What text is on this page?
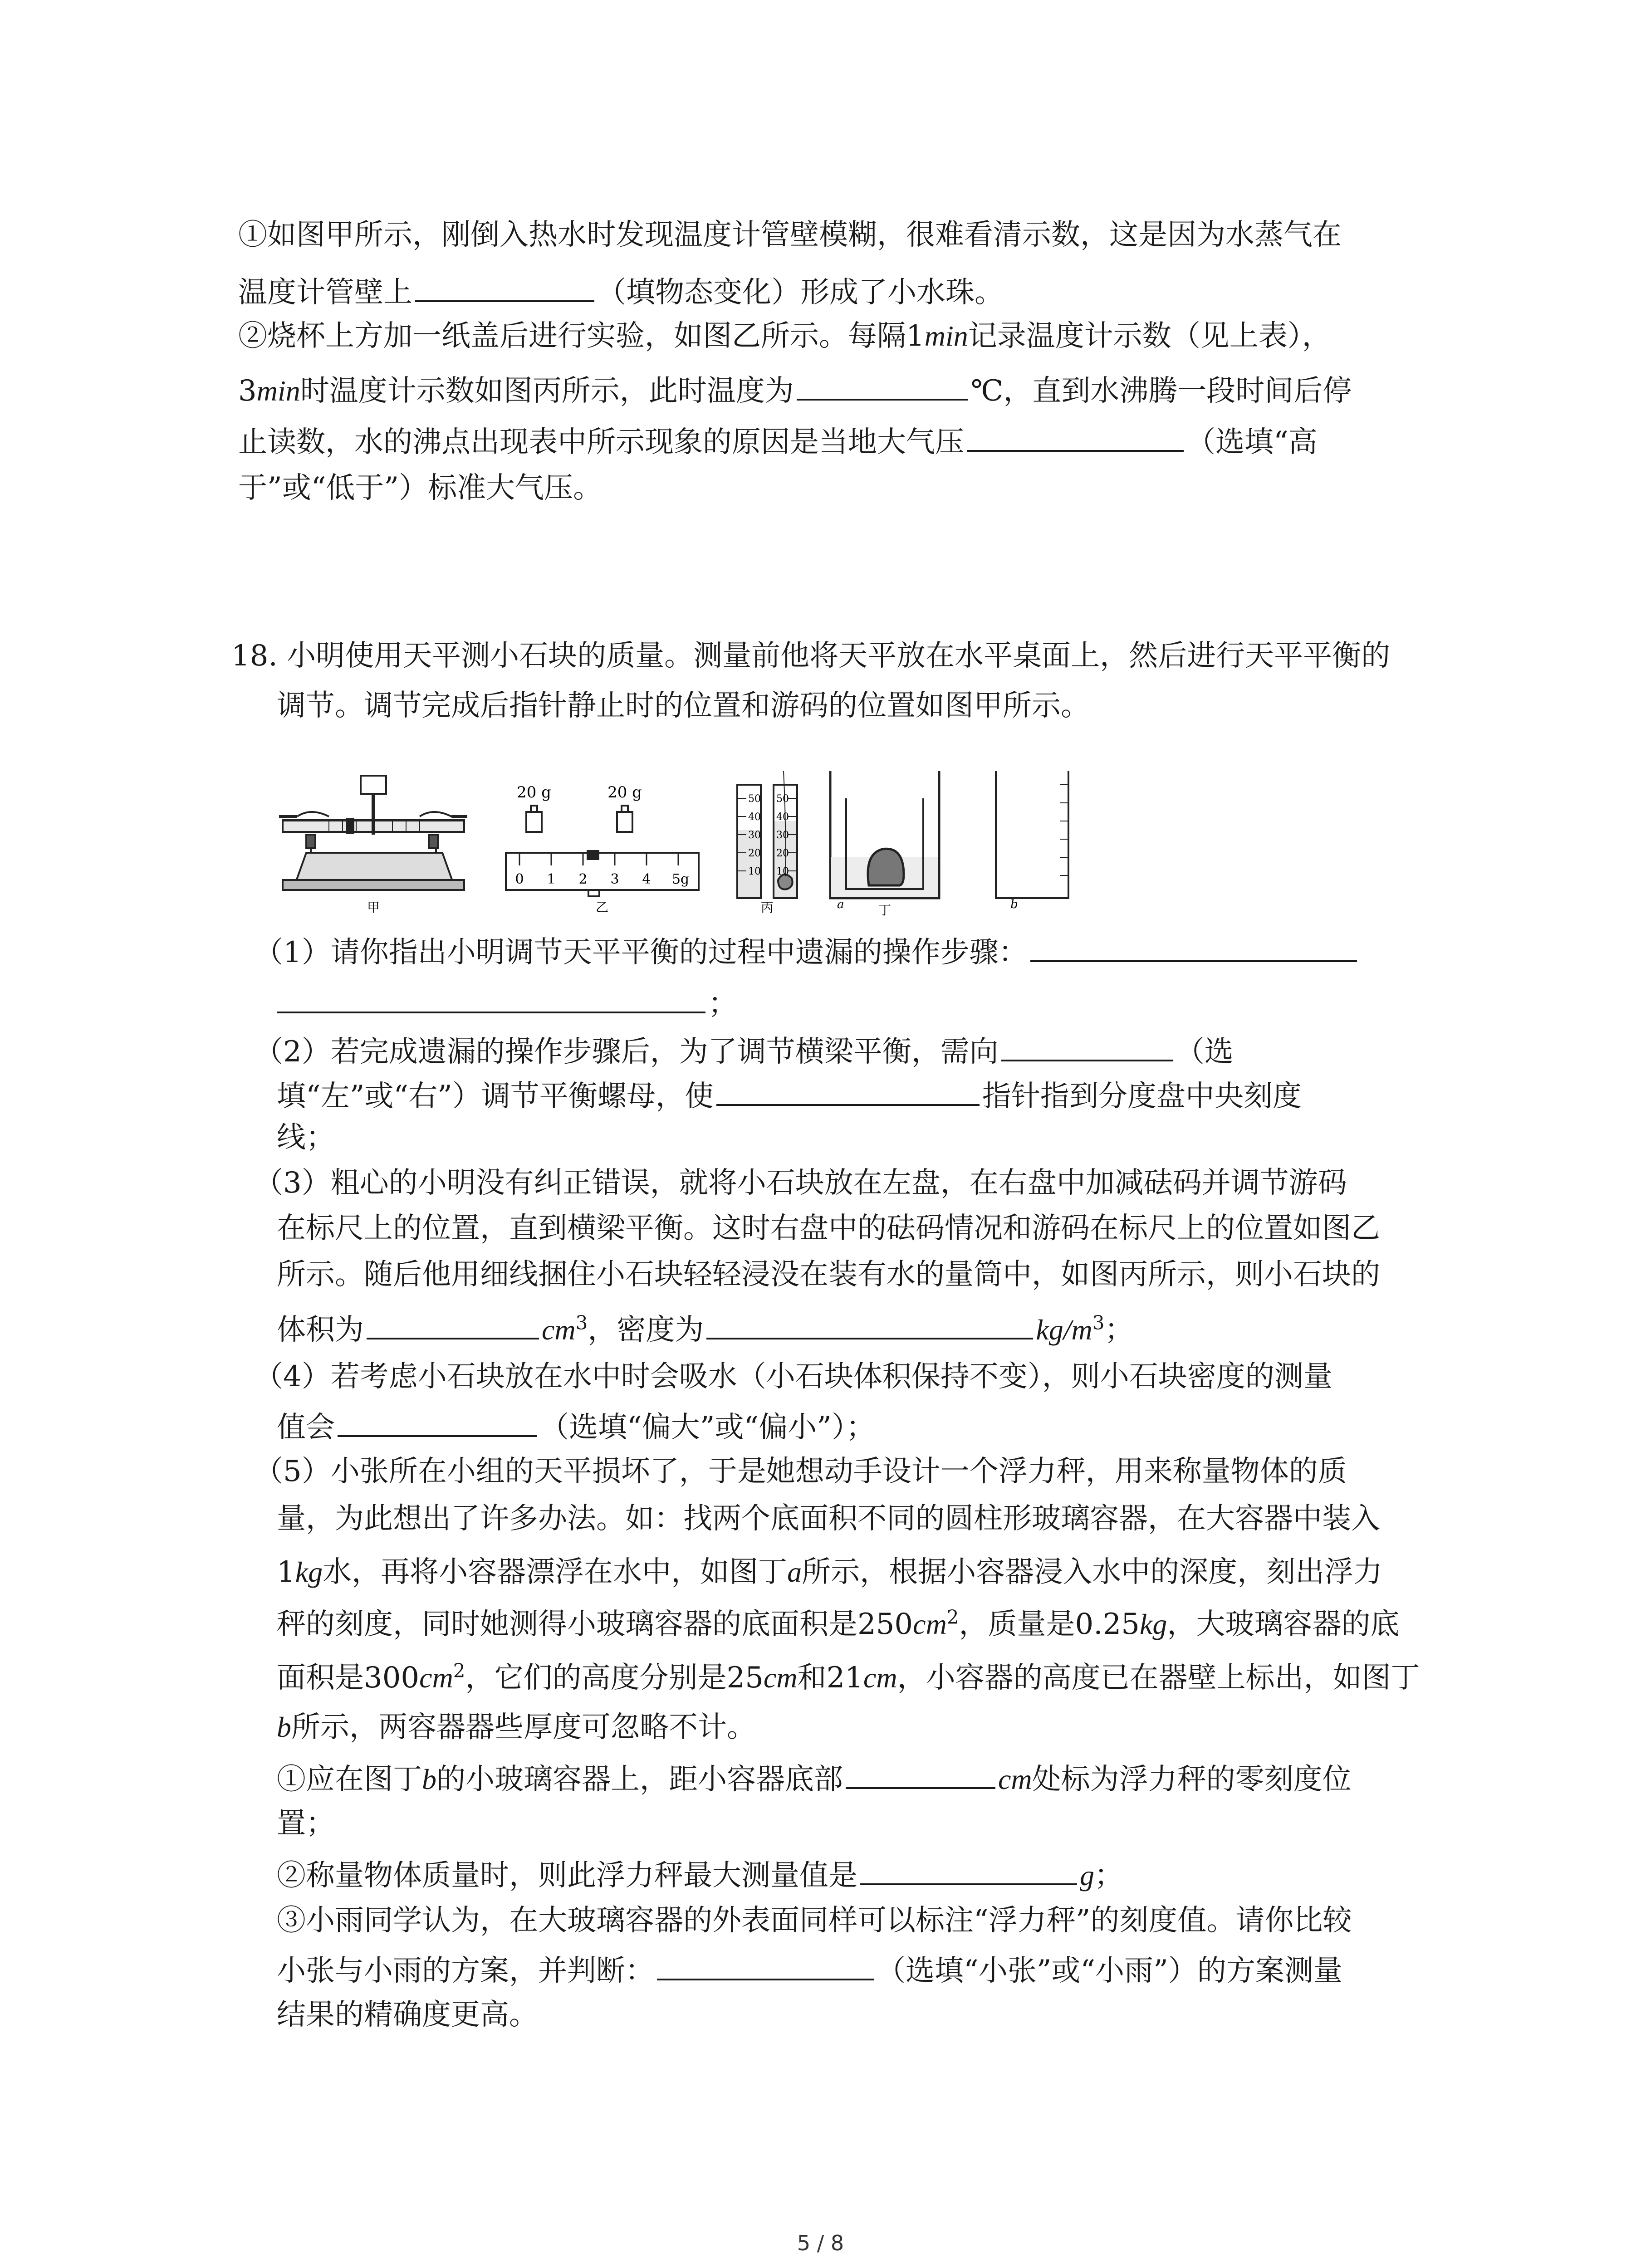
①如图甲所示，刚倒入热水时发现温度计管壁模糊，很难看清示数，这是因为水蒸气在
温度计管壁上	（填物态变化）形成了小水珠。
②烧杯上方加一纸盖后进行实验，如图乙所示。每隔1min记录温度计示数（见上表），
3min时温度计示数如图丙所示，此时温度为	℃，直到水沸腾一段时间后停
止读数，水的沸点出现表中所示现象的原因是当地大气压	（选填“高
于”或“低于”）标准大气压。
18. 小明使用天平测小石块的质量。测量前他将天平放在水平桌面上，然后进行天平平衡的
调节。调节完成后指针静止时的位置和游码的位置如图甲所示。
甲
20 g	20 g
0 1 2 3 4 5g
乙
50
40
30
20
10
50
40
30
20
10
丙	a	丁	b
（1）请你指出小明调节天平平衡的过程中遗漏的操作步骤：
；
（2）若完成遗漏的操作步骤后，为了调节横梁平衡，需向	（选
填“左”或“右”）调节平衡螺母，使	指针指到分度盘中央刻度
线；
（3）粗心的小明没有纠正错误，就将小石块放在左盘，在右盘中加减砝码并调节游码
在标尺上的位置，直到横梁平衡。这时右盘中的砝码情况和游码在标尺上的位置如图乙
所示。随后他用细线捆住小石块轻轻浸没在装有水的量筒中，如图丙所示，则小石块的
体积为	$cm^3$，密度为	$kg/m^3$；
（4）若考虑小石块放在水中时会吸水（小石块体积保持不变），则小石块密度的测量
值会	（选填“偏大”或“偏小”）；
（5）小张所在小组的天平损坏了，于是她想动手设计一个浮力秤，用来称量物体的质
量，为此想出了许多办法。如：找两个底面积不同的圆柱形玻璃容器，在大容器中装入
1kg水，再将小容器漂浮在水中，如图丁a所示，根据小容器浸入水中的深度，刻出浮力
秤的刻度，同时她测得小玻璃容器的底面积是$250cm^2$，质量是0.25kg，大玻璃容器的底
面积是$300cm^2$，它们的高度分别是25cm和21cm，小容器的高度已在器壁上标出，如图丁
b所示，两容器器些厚度可忽略不计。
①应在图丁b的小玻璃容器上，距小容器底部	cm处标为浮力秤的零刻度位
置；
②称量物体质量时，则此浮力秤最大测量值是	g；
③小雨同学认为，在大玻璃容器的外表面同样可以标注“浮力秤”的刻度值。请你比较
小张与小雨的方案，并判断：	（选填“小张”或“小雨”）的方案测量
结果的精确度更高。
5 / 8
